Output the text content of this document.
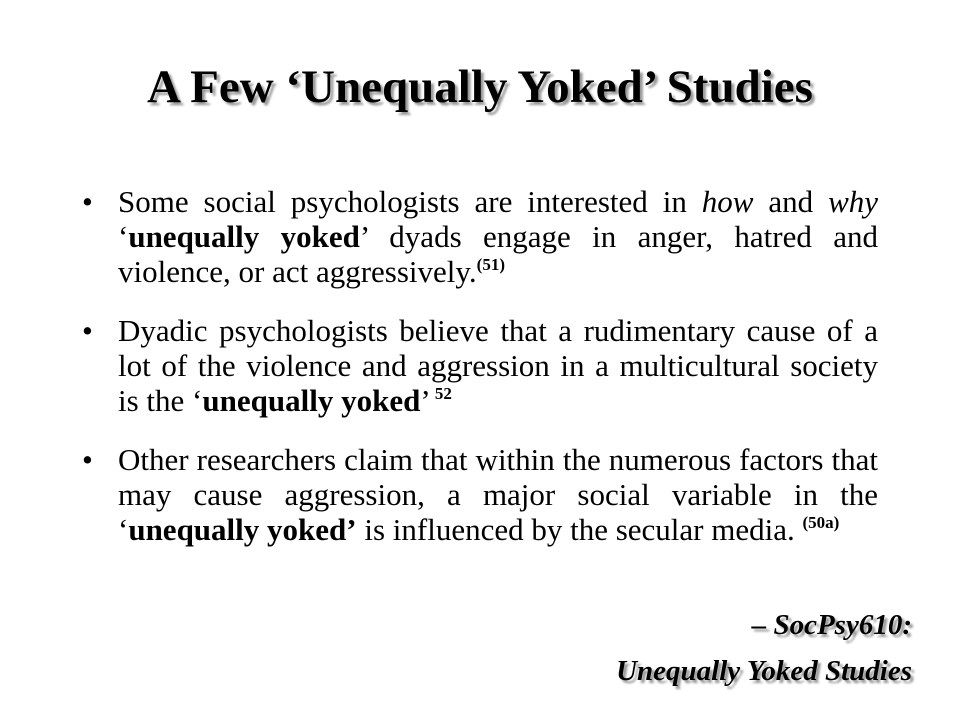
A Few ‘Unequally Yoked’ Studies
• Some social psychologists are interested in how and why ‘unequally yoked’ dyads engage in anger, hatred and violence, or act aggressively.$^{(51)}$
• Dyadic psychologists believe that a rudimentary cause of a lot of the violence and aggression in a multicultural society is the ‘unequally yoked’ $^{52}$
• Other researchers claim that within the numerous factors that may cause aggression, a major social variable in the ‘unequally yoked’ is influenced by the secular media. $^{(50a)}$
– SocPsy610:
Unequally Yoked Studies
